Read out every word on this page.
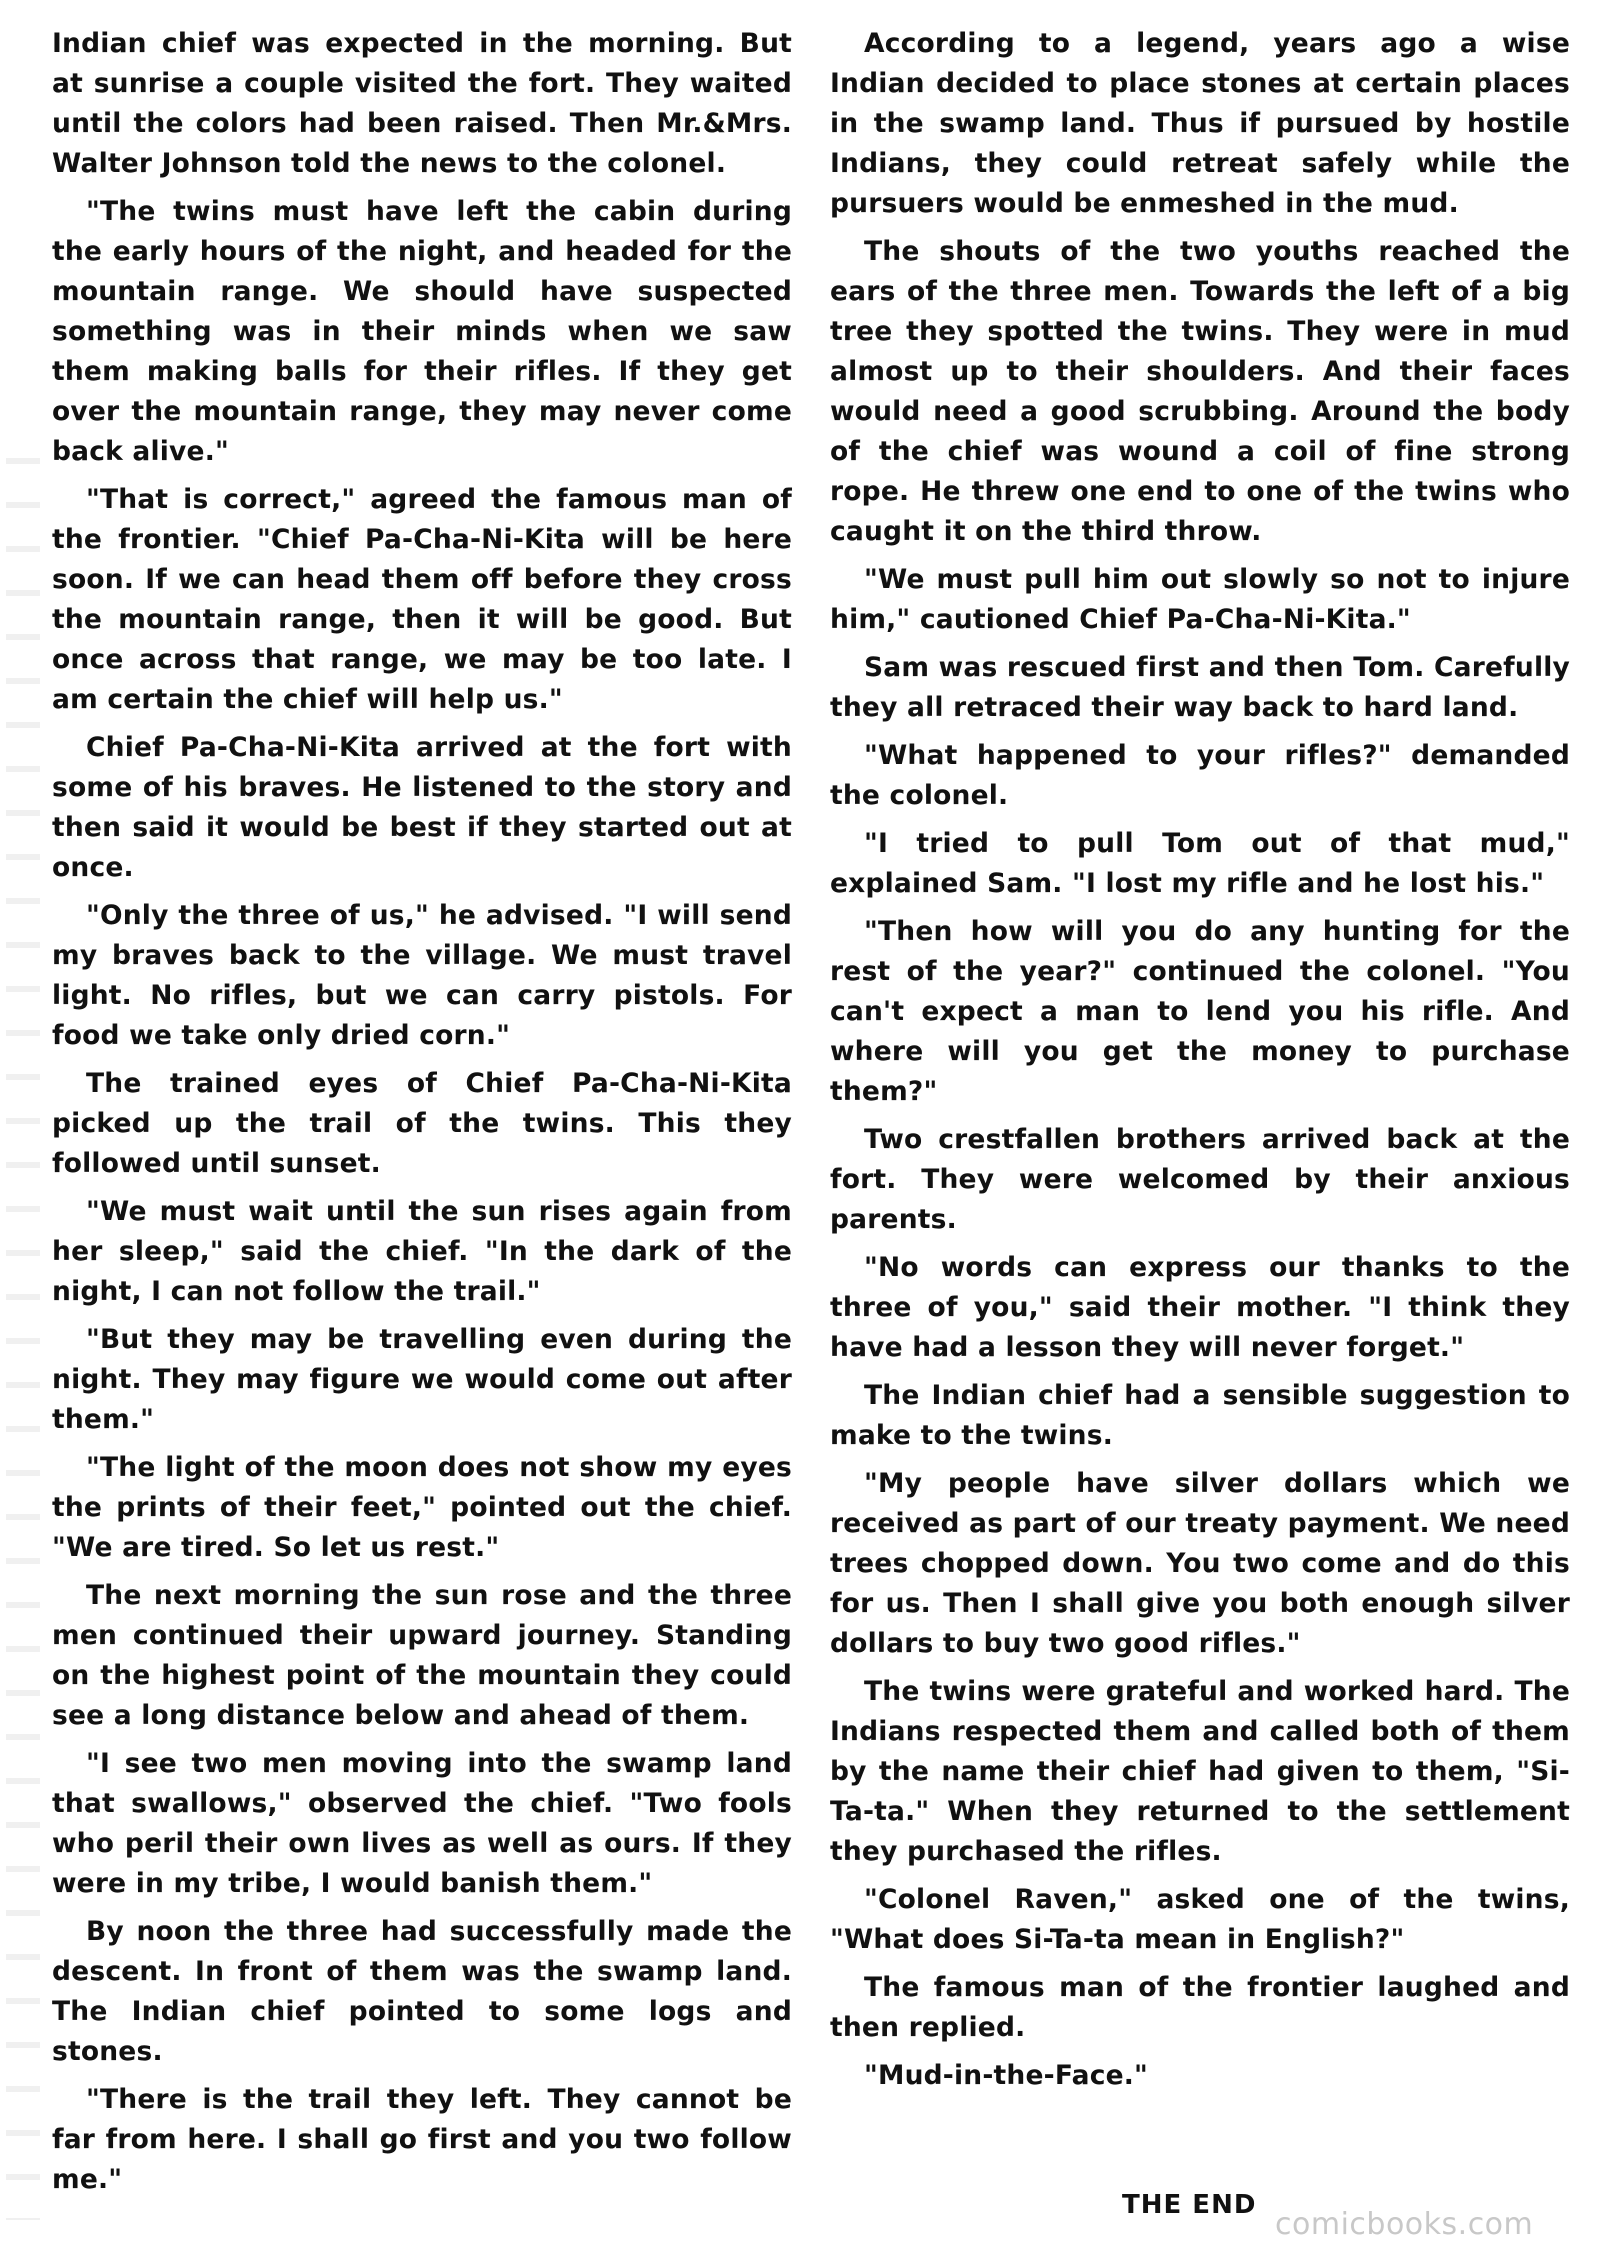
Indian chief was expected in the morning. But at sunrise a couple visited the fort. They waited until the colors had been raised. Then Mr.&Mrs. Walter Johnson told the news to the colonel.

"The twins must have left the cabin during the early hours of the night, and headed for the mountain range. We should have suspected something was in their minds when we saw them making balls for their rifles. If they get over the mountain range, they may never come back alive."

"That is correct," agreed the famous man of the frontier. "Chief Pa-Cha-Ni-Kita will be here soon. If we can head them off before they cross the mountain range, then it will be good. But once across that range, we may be too late. I am certain the chief will help us."

Chief Pa-Cha-Ni-Kita arrived at the fort with some of his braves. He listened to the story and then said it would be best if they started out at once.

"Only the three of us," he advised. "I will send my braves back to the village. We must travel light. No rifles, but we can carry pistols. For food we take only dried corn."

The trained eyes of Chief Pa-Cha-Ni-Kita picked up the trail of the twins. This they followed until sunset.

"We must wait until the sun rises again from her sleep," said the chief. "In the dark of the night, I can not follow the trail."

"But they may be travelling even during the night. They may figure we would come out after them."

"The light of the moon does not show my eyes the prints of their feet," pointed out the chief. "We are tired. So let us rest."

The next morning the sun rose and the three men continued their upward journey. Standing on the highest point of the mountain they could see a long distance below and ahead of them.

"I see two men moving into the swamp land that swallows," observed the chief. "Two fools who peril their own lives as well as ours. If they were in my tribe, I would banish them."

By noon the three had successfully made the descent. In front of them was the swamp land. The Indian chief pointed to some logs and stones.

"There is the trail they left. They cannot be far from here. I shall go first and you two follow me."

According to a legend, years ago a wise Indian decided to place stones at certain places in the swamp land. Thus if pursued by hostile Indians, they could retreat safely while the pursuers would be enmeshed in the mud.

The shouts of the two youths reached the ears of the three men. Towards the left of a big tree they spotted the twins. They were in mud almost up to their shoulders. And their faces would need a good scrubbing. Around the body of the chief was wound a coil of fine strong rope. He threw one end to one of the twins who caught it on the third throw.

"We must pull him out slowly so not to injure him," cautioned Chief Pa-Cha-Ni-Kita."

Sam was rescued first and then Tom. Carefully they all retraced their way back to hard land.

"What happened to your rifles?" demanded the colonel.

"I tried to pull Tom out of that mud," explained Sam. "I lost my rifle and he lost his."

"Then how will you do any hunting for the rest of the year?" continued the colonel. "You can't expect a man to lend you his rifle. And where will you get the money to purchase them?"

Two crestfallen brothers arrived back at the fort. They were welcomed by their anxious parents.

"No words can express our thanks to the three of you," said their mother. "I think they have had a lesson they will never forget."

The Indian chief had a sensible suggestion to make to the twins.

"My people have silver dollars which we received as part of our treaty payment. We need trees chopped down. You two come and do this for us. Then I shall give you both enough silver dollars to buy two good rifles."

The twins were grateful and worked hard. The Indians respected them and called both of them by the name their chief had given to them, "Si-Ta-ta." When they returned to the settlement they purchased the rifles.

"Colonel Raven," asked one of the twins, "What does Si-Ta-ta mean in English?"

The famous man of the frontier laughed and then replied.

"Mud-in-the-Face."

THE END
comicbooks.com
